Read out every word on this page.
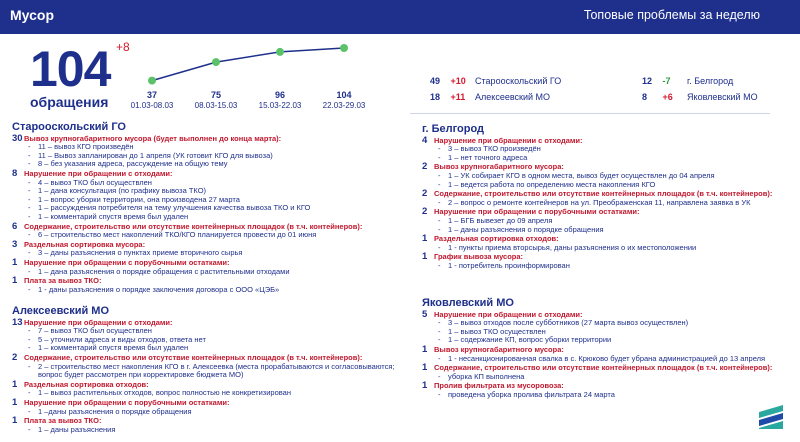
Мусор	Топовые проблемы за неделю
104 +8
обращения	37
01.03-08.03
75
08.03-15.03
96
15.03-22.03
104
22.03-29.03
49 +10 Старооскольский ГО	12 -7 г. Белгород
18 +11 Алексеевский МО	8 +6 Яковлевский МО
Старооскольский ГО
30 Вывоз крупногабаритного мусора (будет выполнен до конца марта):
- 11 – вывоз КГО произведён
- 11 – Вывоз запланирован до 1 апреля (УК готовит КГО для вывоза)
- 8 – без указания адреса, рассуждение на общую тему
8 Нарушение при обращении с отходами:
- 4 – вывоз ТКО был осуществлен
- 1 – дана консультация (по графику вывоза ТКО)
- 1 – вопрос уборки территории, она производена 27 марта
- 1 – рассуждения потребителя на тему улучшения качества вывоза ТКО и КГО
- 1 – комментарий спустя время был удален
6 Содержание, строительство или отсутствие контейнерных площадок (в т.ч. контейнеров):
- 6 – строительство мест накоплений ТКО/КГО планируется провести до 01 июня
3 Раздельная сортировка мусора:
- 3 – даны разъяснения о пунктах приеме вторичного сырья
1 Нарушение при обращении с порубочными остатками:
- 1 – дана разъяснения о порядке обращения с растительными отходами
1 Плата за вывоз ТКО:
- 1 - даны разъяснения о порядке заключения договора с ООО «ЦЭБ»
Алексеевский МО
13 Нарушение при обращении с отходами:
- 7 – вывоз ТКО был осуществлен
- 5 – уточнили адреса и виды отходов, ответа нет
- 1 – комментарий спустя время был удален
2 Содержание, строительство или отсутствие контейнерных площадок (в т.ч. контейнеров):
- 2 – строительство мест накопления КГО в г. Алексеевка (места прорабатываются и согласовываются; вопрос будет рассмотрен при корректировке бюджета МО)
1 Раздельная сортировка отходов:
- 1 – вывоз растительных отходов, вопрос полностью не конкретизирован
1 Нарушение при обращении с порубочными остатками:
- 1 –даны разъяснения о порядке обращения
1 Плата за вывоз ТКО:
- 1 – даны разъяснения
г. Белгород
4 Нарушение при обращении с отходами:
- 3 – вывоз ТКО произведён
- 1 – нет точного адреса
2 Вывоз крупногабаритного мусора:
- 1 – УК собирает КГО в одном места, вывоз будет осуществлен до 04 апреля
- 1 – ведется работа по определению места накопления КГО
2 Содержание, строительство или отсутствие контейнерных площадок (в т.ч. контейнеров):
- 2 – вопрос о ремонте контейнеров на ул. Преображенская 11, направлена заявка в УК
2 Нарушение при обращении с порубочными остатками:
- 1 – БГБ вывезет до 09 апреля
- 1 – даны разъяснения о порядке обращения
1 Раздельная сортировка отходов:
- 1 - пункты приема вторсырья, даны разъяснения о их местоположении
1 График вывоза мусора:
- 1 - потребитель проинформирован
Яковлевский МО
5 Нарушение при обращении с отходами:
- 3 – вывоз отходов после субботников (27 марта вывоз осуществлен)
- 1 – вывоз ТКО осуществлен
- 1 – содержание КП, вопрос уборки территории
1 Вывоз крупногабаритного мусора:
- 1 - несанкционированная свалка в с. Крюково будет убрана администрацией до 13 апреля
1 Содержание, строительство или отсутствие контейнерных площадок (в т.ч. контейнеров):
- уборка КП выполнена
1 Пролив фильтрата из мусоровоза:
- проведена уборка пролива фильтрата 24 марта
